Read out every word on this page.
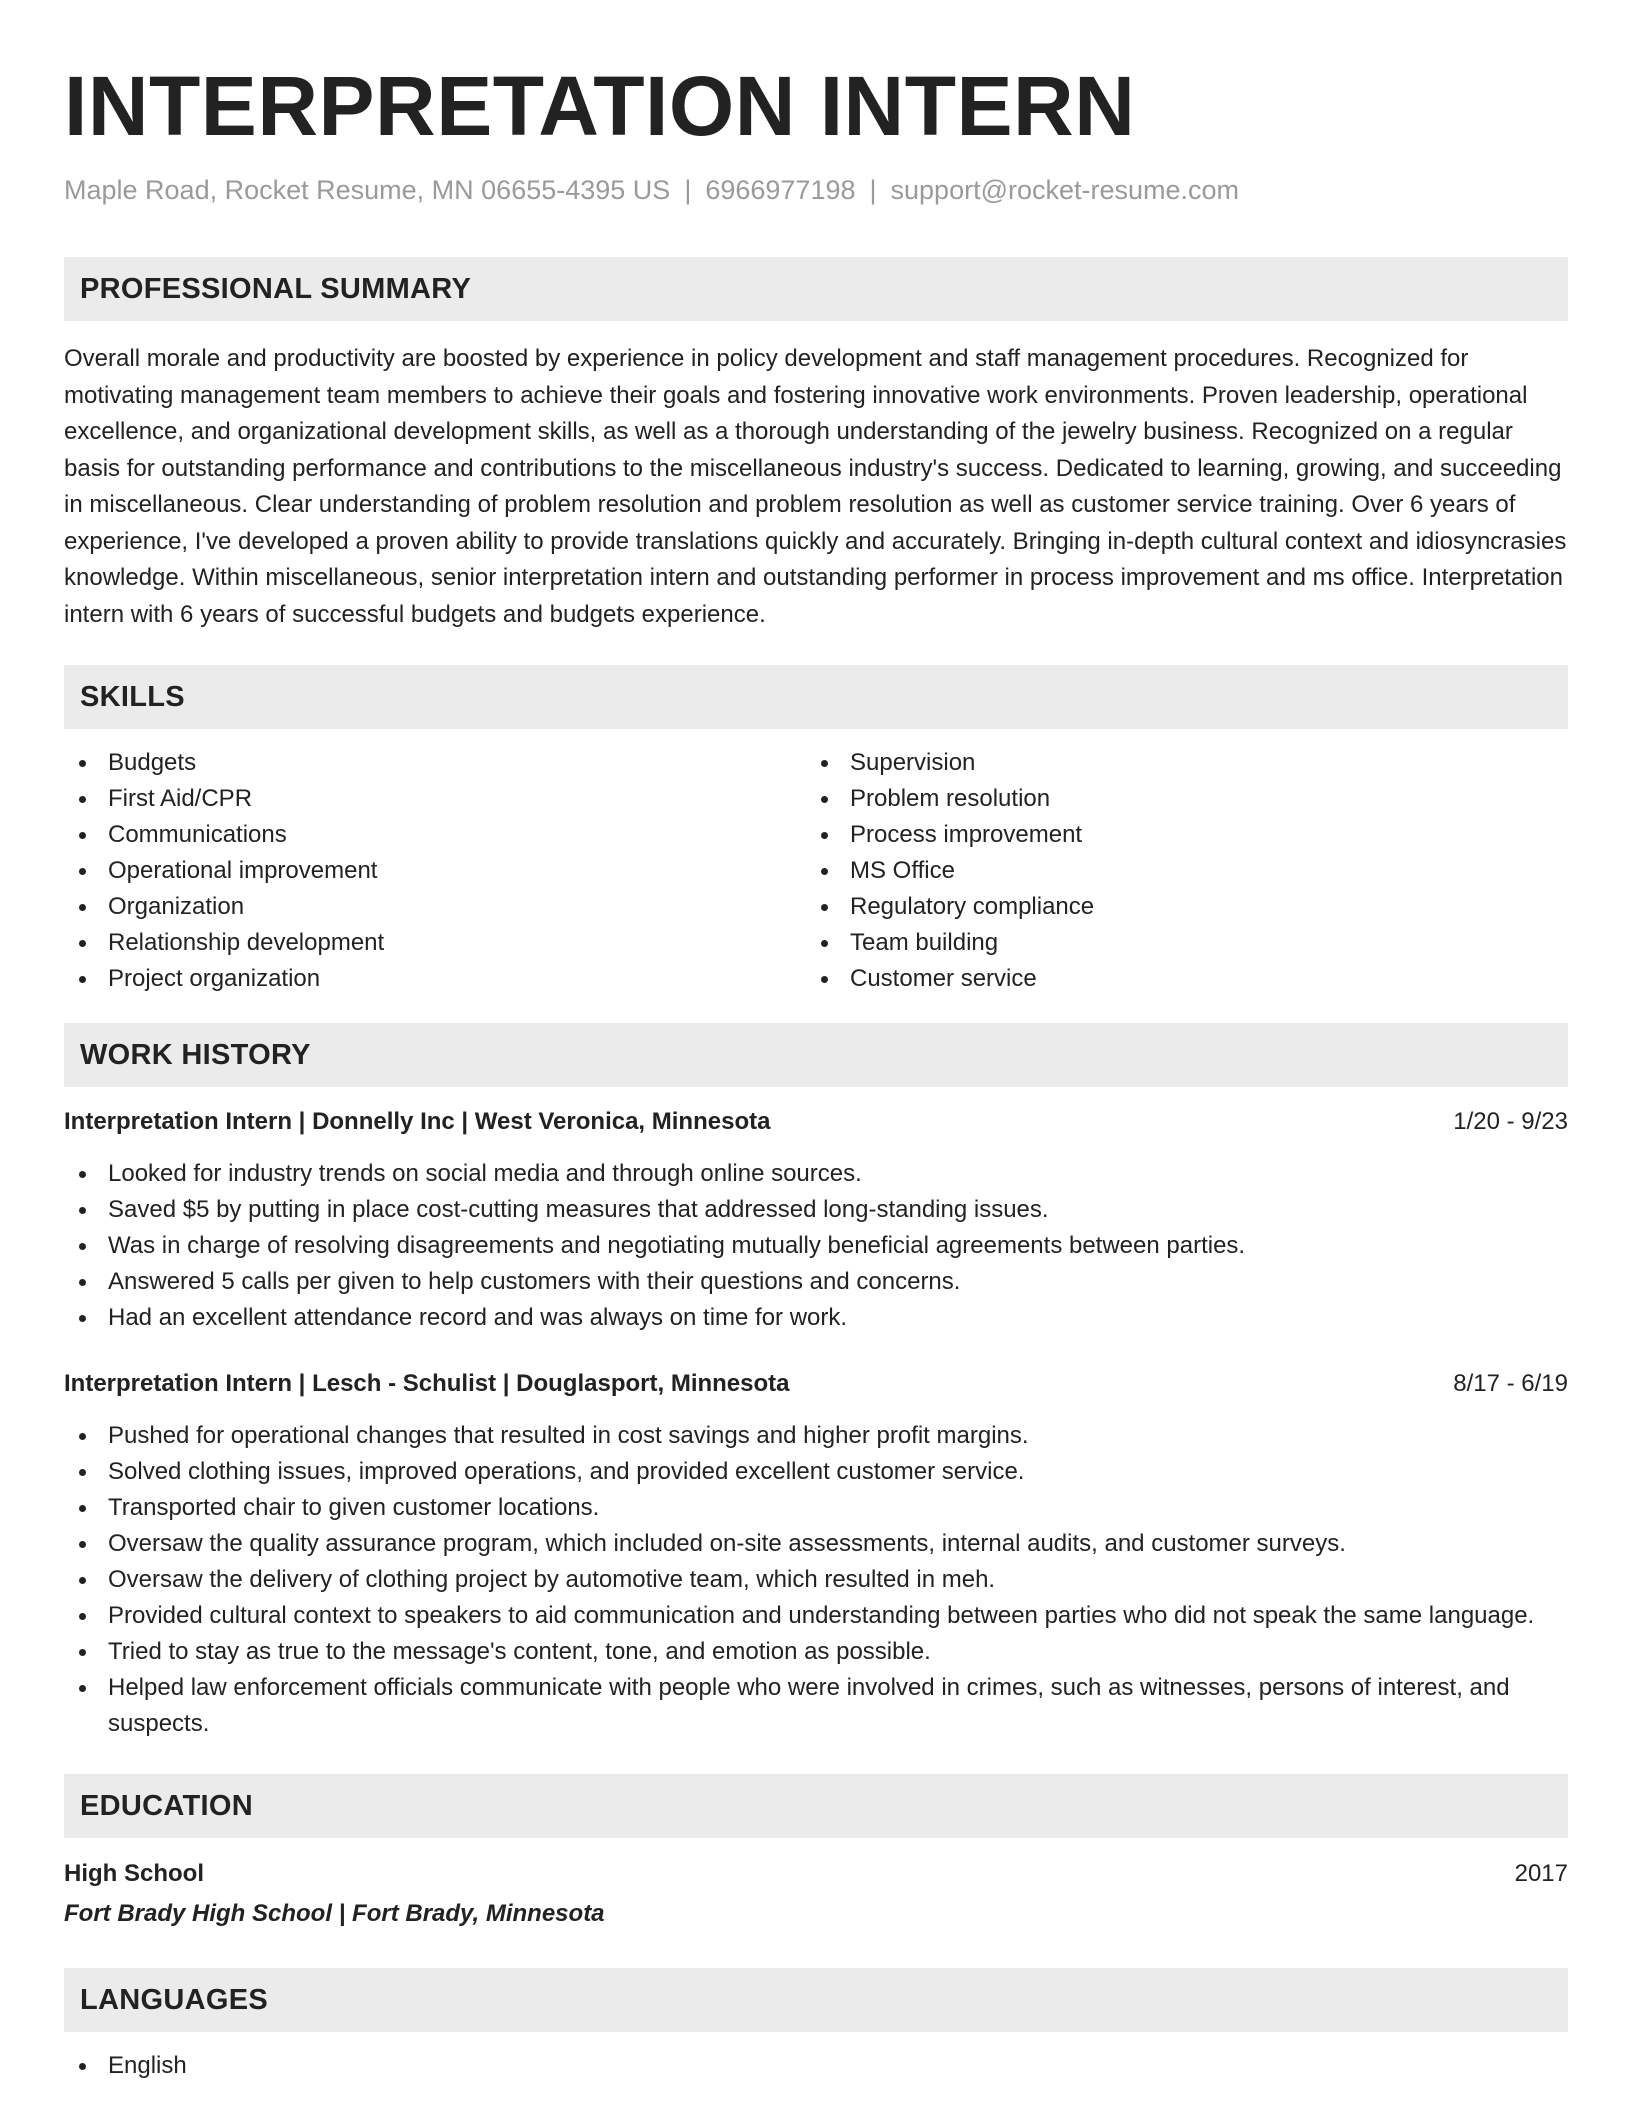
INTERPRETATION INTERN
Maple Road, Rocket Resume, MN 06655-4395 US | 6966977198 | support@rocket-resume.com
PROFESSIONAL SUMMARY

Overall morale and productivity are boosted by experience in policy development and staff management procedures. Recognized for motivating management team members to achieve their goals and fostering innovative work environments. Proven leadership, operational excellence, and organizational development skills, as well as a thorough understanding of the jewelry business. Recognized on a regular basis for outstanding performance and contributions to the miscellaneous industry's success. Dedicated to learning, growing, and succeeding in miscellaneous. Clear understanding of problem resolution and problem resolution as well as customer service training. Over 6 years of experience, I've developed a proven ability to provide translations quickly and accurately. Bringing in-depth cultural context and idiosyncrasies knowledge. Within miscellaneous, senior interpretation intern and outstanding performer in process improvement and ms office. Interpretation intern with 6 years of successful budgets and budgets experience.

SKILLS
Budgets
First Aid/CPR
Communications
Operational improvement
Organization
Relationship development
Project organization
Supervision
Problem resolution
Process improvement
MS Office
Regulatory compliance
Team building
Customer service
WORK HISTORY
Interpretation Intern | Donnelly Inc | West Veronica, Minnesota	1/20 - 9/23
Looked for industry trends on social media and through online sources.
Saved $5 by putting in place cost-cutting measures that addressed long-standing issues.
Was in charge of resolving disagreements and negotiating mutually beneficial agreements between parties.
Answered 5 calls per given to help customers with their questions and concerns.
Had an excellent attendance record and was always on time for work.
Interpretation Intern | Lesch - Schulist | Douglasport, Minnesota	8/17 - 6/19
Pushed for operational changes that resulted in cost savings and higher profit margins.
Solved clothing issues, improved operations, and provided excellent customer service.
Transported chair to given customer locations.
Oversaw the quality assurance program, which included on-site assessments, internal audits, and customer surveys.
Oversaw the delivery of clothing project by automotive team, which resulted in meh.
Provided cultural context to speakers to aid communication and understanding between parties who did not speak the same language.
Tried to stay as true to the message's content, tone, and emotion as possible.
Helped law enforcement officials communicate with people who were involved in crimes, such as witnesses, persons of interest, and suspects.
EDUCATION
High School	2017
Fort Brady High School | Fort Brady, Minnesota
LANGUAGES
English
